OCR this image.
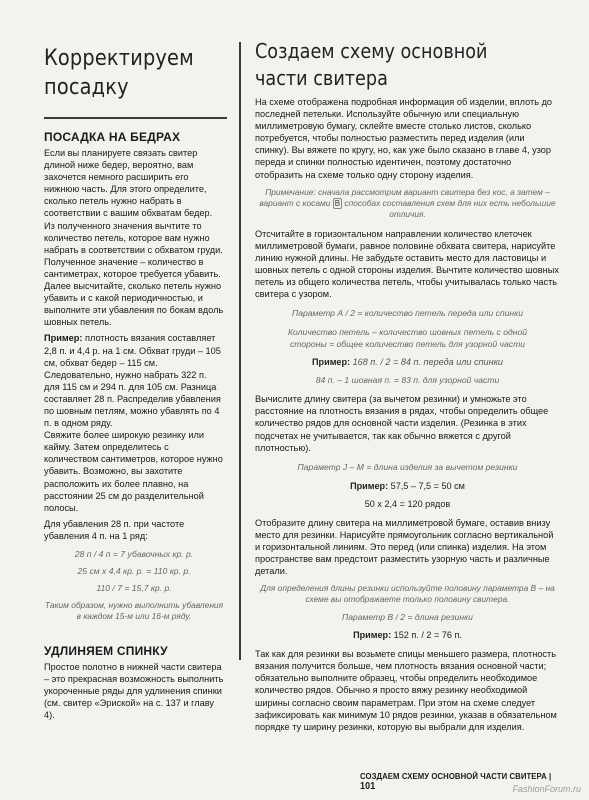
Корректируем
посадку
ПОСАДКА НА БЕДРАХ

Если вы планируете связать свитер длиной ниже бедер, вероятно, вам захочется немного расширить его нижнюю часть. Для этого определите, сколько петель нужно набрать в соответствии с вашим обхватам бедер. Из полученного значения вычтите то количество петель, которое вам нужно набрать в соответствии с обхватом груди. Полученное значение – количество в сантиметрах, которое требуется убавить. Далее высчитайте, сколько петель нужно убавить и с какой периодичностью, и выполните эти убавления по бокам вдоль шовных петель.

Пример: плотность вязания составляет 2,8 п. и 4,4 р. на 1 см. Обхват груди – 105 см, обхват бедер – 115 см. Следовательно, нужно набрать 322 п. для 115 см и 294 п. для 105 см. Разница составляет 28 п. Распределив убавления по шовным петлям, можно убавлять по 4 п. в одном ряду.

Свяжите более широкую резинку или кайму. Затем определитесь с количеством сантиметров, которое нужно убавить. Возможно, вы захотите расположить их более плавно, на расстоянии 25 см до разделительной полосы.

Для убавления 28 п. при частоте убавления 4 п. на 1 ряд:

28 п / 4 п = 7 убавочных кр. р.

25 см х 4,4 кр. р. = 110 кр. р.

110 / 7 = 15,7 кр. р.

Таким образом, нужно выполнить убавления в каждом 15-м или 16-м ряду.

УДЛИНЯЕМ СПИНКУ

Простое полотно в нижней части свитера – это прекрасная возможность выполнить укороченные ряды для удлинения спинки (см. свитер «Эриской» на с. 137 и главу 4).

Создаем схему основной
части свитера

На схеме отображена подробная информация об изделии, вплоть до последней петельки. Используйте обычную или специальную миллиметровую бумагу, склейте вместе столько листов, сколько потребуется, чтобы полностью разместить перед изделия (или спинку). Вы вяжете по кругу, но, как уже было сказано в главе 4, узор переда и спинки полностью идентичен, поэтому достаточно отобразить на схеме только одну сторону изделия.

Примечание: сначала рассмотрим вариант свитера без кос, а затем – вариант с косами В способах составления схем для них есть небольшие отличия.

Отсчитайте в горизонтальном направлении количество клеточек миллиметровой бумаги, равное половине обхвата свитера, нарисуйте линию нужной длины. Не забудьте оставить место для ластовицы и шовных петель с одной стороны изделия. Вычтите количество шовных петель из общего количества петель, чтобы учитывалась только часть свитера с узором.

Параметр А / 2 = количество петель переда или спинки

Количество петель – количество шовных петель с одной стороны = общее количество петель для узорной части

Пример: 168 п. / 2 = 84 п. переда или спинки

84 п. – 1 шовная п. = 83 п. для узорной части

Вычислите длину свитера (за вычетом резинки) и умножьте это расстояние на плотность вязания в рядах, чтобы определить общее количество рядов для основной части изделия. (Резинка в этих подсчетах не учитывается, так как обычно вяжется с другой плотностью).

Параметр J – M = длина изделия за вычетом резинки

Пример: 57,5 – 7,5 = 50 см

50 х 2,4 = 120 рядов

Отобразите длину свитера на миллиметровой бумаге, оставив внизу место для резинки. Нарисуйте прямоугольник согласно вертикальной и горизонтальной линиям. Это перед (или спинка) изделия. На этом пространстве вам предстоит разместить узорную часть и различные детали.

Для определения длины резинки используйте половину параметра В – на схеме вы отображаете только половину свитера.

Параметр В / 2 = длина резинки

Пример: 152 п. / 2 = 76 п.

Так как для резинки вы возьмете спицы меньшего размера, плотность вязания получится больше, чем плотность вязания основной части; обязательно выполните образец, чтобы определить необходимое количество рядов. Обычно я просто вяжу резинку необходимой ширины согласно своим параметрам. При этом на схеме следует зафиксировать как минимум 10 рядов резинки, указав в обязательном порядке ту ширину резинки, которую вы выбрали для изделия.

СОЗДАЕМ СХЕМУ ОСНОВНОЙ ЧАСТИ СВИТЕРА | 101	FashionForum.ru
